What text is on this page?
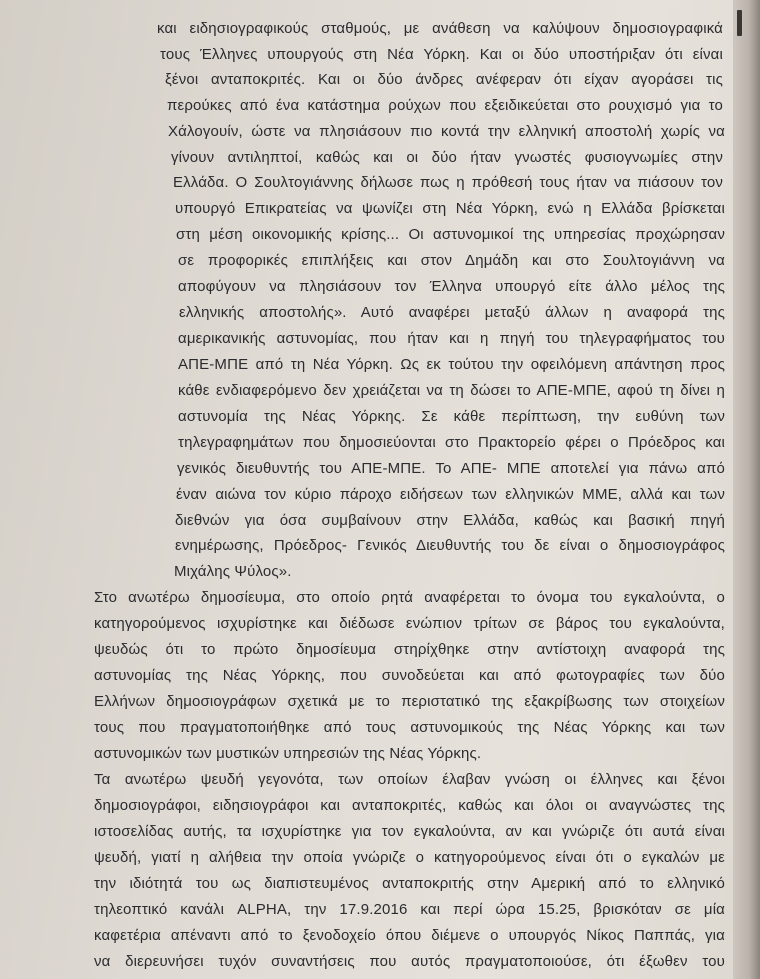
και ειδησιογραφικούς σταθμούς, με ανάθεση να καλύψουν δημοσιογραφικά
τους Έλληνες υπουργούς στη Νέα Υόρκη. Και οι δύο υποστήριξαν ότι είναι
ξένοι ανταποκριτές. Και οι δύο άνδρες ανέφεραν ότι είχαν αγοράσει τις
περούκες από ένα κατάστημα ρούχων που εξειδικεύεται στο ρουχισμό για το
Χάλογουίν, ώστε να πλησιάσουν πιο κοντά την ελληνική αποστολή χωρίς να
γίνουν αντιληπτοί, καθώς και οι δύο ήταν γνωστές φυσιογνωμίες στην
Ελλάδα. Ο Σουλτογιάννης δήλωσε πως η πρόθεσή τους ήταν να πιάσουν τον
υπουργό Επικρατείας να ψωνίζει στη Νέα Υόρκη, ενώ η Ελλάδα βρίσκεται
στη μέση οικονομικής κρίσης... Οι αστυνομικοί της υπηρεσίας προχώρησαν
σε προφορικές επιπλήξεις και στον Δημάδη και στο Σουλτογιάννη να
αποφύγουν να πλησιάσουν τον Έλληνα υπουργό είτε άλλο μέλος της
ελληνικής αποστολής». Αυτό αναφέρει μεταξύ άλλων η αναφορά της
αμερικανικής αστυνομίας, που ήταν και η πηγή του τηλεγραφήματος του
ΑΠΕ-ΜΠΕ από τη Νέα Υόρκη. Ως εκ τούτου την οφειλόμενη απάντηση προς
κάθε ενδιαφερόμενο δεν χρειάζεται να τη δώσει το ΑΠΕ-ΜΠΕ, αφού τη δίνει η
αστυνομία της Νέας Υόρκης. Σε κάθε περίπτωση, την ευθύνη των
τηλεγραφημάτων που δημοσιεύονται στο Πρακτορείο φέρει ο Πρόεδρος και
γενικός διευθυντής του ΑΠΕ-ΜΠΕ. Το ΑΠΕ- ΜΠΕ αποτελεί για πάνω από
έναν αιώνα τον κύριο πάροχο ειδήσεων των ελληνικών ΜΜΕ, αλλά και των
διεθνών για όσα συμβαίνουν στην Ελλάδα, καθώς και βασική πηγή
ενημέρωσης, Πρόεδρος- Γενικός Διευθυντής του δε είναι ο δημοσιογράφος
Μιχάλης Ψύλος».
Στο ανωτέρω δημοσίευμα, στο οποίο ρητά αναφέρεται το όνομα του εγκαλούντα, ο
κατηγορούμενος ισχυρίστηκε και διέδωσε ενώπιον τρίτων σε βάρος του εγκαλούντα,
ψευδώς ότι το πρώτο δημοσίευμα στηρίχθηκε στην αντίστοιχη αναφορά της
αστυνομίας της Νέας Υόρκης, που συνοδεύεται και από φωτογραφίες των δύο
Ελλήνων δημοσιογράφων σχετικά με το περιστατικό της εξακρίβωσης των στοιχείων
τους που πραγματοποιήθηκε από τους αστυνομικούς της Νέας Υόρκης και των
αστυνομικών των μυστικών υπηρεσιών της Νέας Υόρκης.
Τα ανωτέρω ψευδή γεγονότα, των οποίων έλαβαν γνώση οι έλληνες και ξένοι
δημοσιογράφοι, ειδησιογράφοι και ανταποκριτές, καθώς και όλοι οι αναγνώστες της
ιστοσελίδας αυτής, τα ισχυρίστηκε για τον εγκαλούντα, αν και γνώριζε ότι αυτά είναι
ψευδή, γιατί η αλήθεια την οποία γνώριζε ο κατηγορούμενος είναι ότι ο εγκαλών με
την ιδιότητά του ως διαπιστευμένος ανταποκριτής στην Αμερική από το ελληνικό
τηλεοπτικό κανάλι ALPHA, την 17.9.2016 και περί ώρα 15.25, βρισκόταν σε μία
καφετέρια απέναντι από το ξενοδοχείο όπου διέμενε ο υπουργός Νίκος Παππάς, για
να διερευνήσει τυχόν συναντήσεις που αυτός πραγματοποιούσε, ότι έξωθεν του
